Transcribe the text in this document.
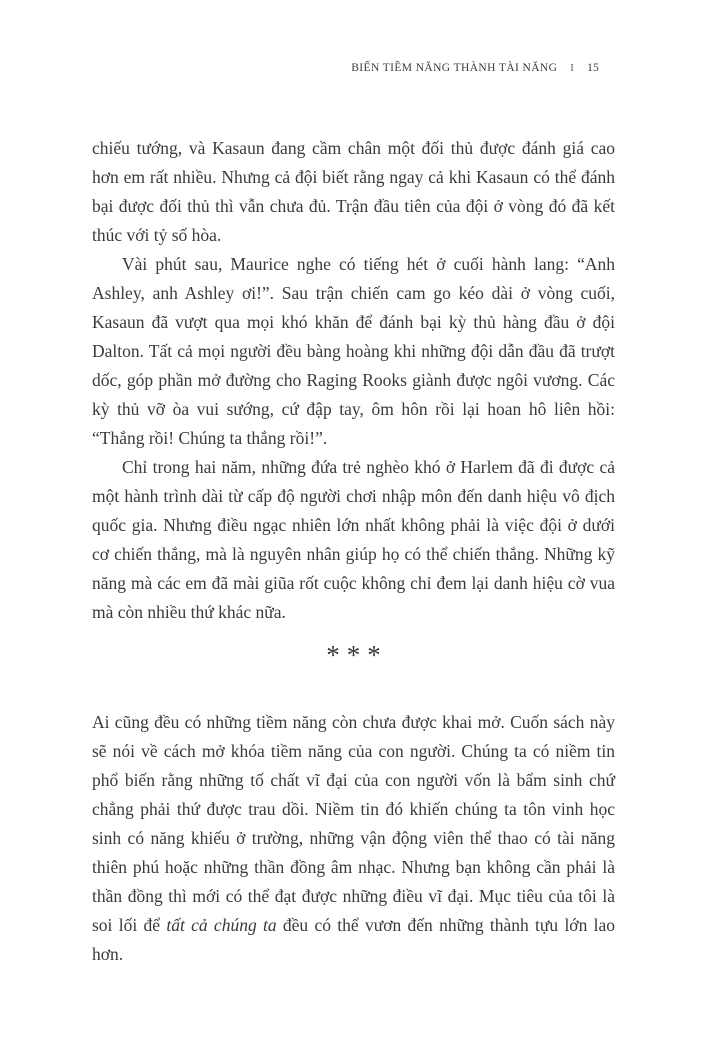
BIẾN TIỀM NĂNG THÀNH TÀI NĂNG I 15

chiếu tướng, và Kasaun đang cầm chân một đối thủ được đánh giá cao hơn em rất nhiều. Nhưng cả đội biết rằng ngay cả khi Kasaun có thể đánh bại được đối thủ thì vẫn chưa đủ. Trận đầu tiên của đội ở vòng đó đã kết thúc với tỷ số hòa.

Vài phút sau, Maurice nghe có tiếng hét ở cuối hành lang: “Anh Ashley, anh Ashley ơi!”. Sau trận chiến cam go kéo dài ở vòng cuối, Kasaun đã vượt qua mọi khó khăn để đánh bại kỳ thủ hàng đầu ở đội Dalton. Tất cả mọi người đều bàng hoàng khi những đội dẫn đầu đã trượt dốc, góp phần mở đường cho Raging Rooks giành được ngôi vương. Các kỳ thủ vỡ òa vui sướng, cứ đập tay, ôm hôn rồi lại hoan hô liên hồi: “Thắng rồi! Chúng ta thắng rồi!”.

Chỉ trong hai năm, những đứa trẻ nghèo khó ở Harlem đã đi được cả một hành trình dài từ cấp độ người chơi nhập môn đến danh hiệu vô địch quốc gia. Nhưng điều ngạc nhiên lớn nhất không phải là việc đội ở dưới cơ chiến thắng, mà là nguyên nhân giúp họ có thể chiến thắng. Những kỹ năng mà các em đã mài giũa rốt cuộc không chỉ đem lại danh hiệu cờ vua mà còn nhiều thứ khác nữa.

***

Ai cũng đều có những tiềm năng còn chưa được khai mở. Cuốn sách này sẽ nói về cách mở khóa tiềm năng của con người. Chúng ta có niềm tin phổ biến rằng những tố chất vĩ đại của con người vốn là bẩm sinh chứ chẳng phải thứ được trau dồi. Niềm tin đó khiến chúng ta tôn vinh học sinh có năng khiếu ở trường, những vận động viên thể thao có tài năng thiên phú hoặc những thần đồng âm nhạc. Nhưng bạn không cần phải là thần đồng thì mới có thể đạt được những điều vĩ đại. Mục tiêu của tôi là soi lối để tất cả chúng ta đều có thể vươn đến những thành tựu lớn lao hơn.
